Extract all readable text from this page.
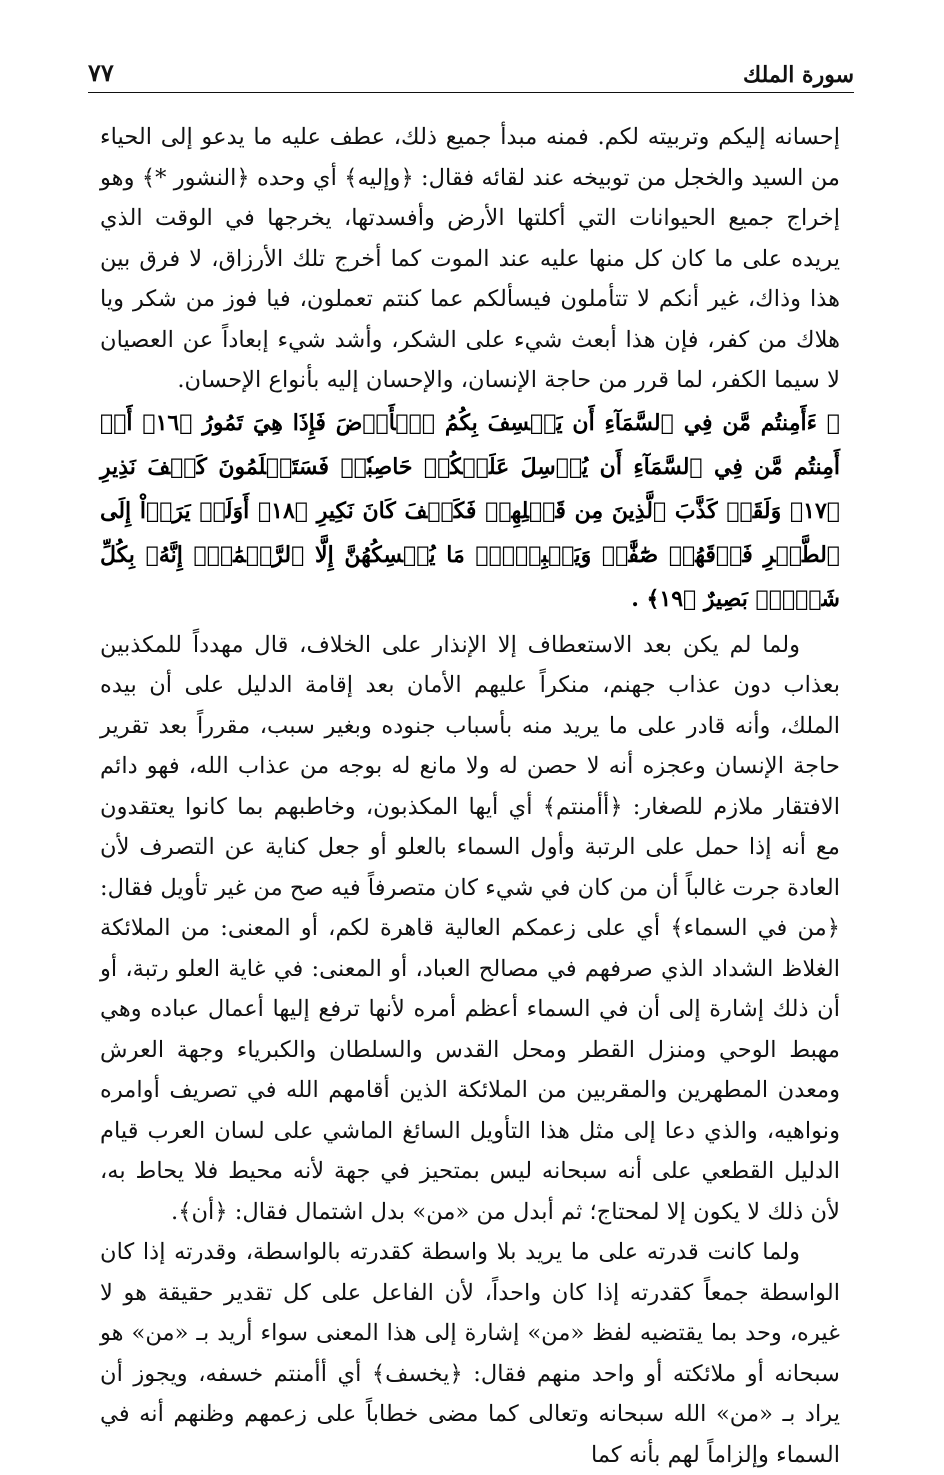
٧٧	سورة الملك

إحسانه إليكم وتربيته لكم. فمنه مبدأ جميع ذلك، عطف عليه ما يدعو إلى الحياء من السيد والخجل من توبيخه عند لقائه فقال: ﴿وإليه﴾ أي وحده ﴿النشور *﴾ وهو إخراج جميع الحيوانات التي أكلتها الأرض وأفسدتها، يخرجها في الوقت الذي يريده على ما كان كل منها عليه عند الموت كما أخرج تلك الأرزاق، لا فرق بين هذا وذاك، غير أنكم لا تتأملون فيسألكم عما كنتم تعملون، فيا فوز من شكر ويا هلاك من كفر، فإن هذا أبعث شيء على الشكر، وأشد شيء إبعاداً عن العصيان لا سيما الكفر، لما قرر من حاجة الإنسان، والإحسان إليه بأنواع الإحسان.

﴿ ءَأَمِنتُم مَّن فِي ٱلسَّمَآءِ أَن يَخۡسِفَ بِكُمُ ٱلۡأَرۡضَ فَإِذَا هِيَ تَمُورُ ﴿١٦﴾ أَمۡ أَمِنتُم مَّن فِي ٱلسَّمَآءِ أَن يُرۡسِلَ عَلَيۡكُمۡ حَاصِبٗاۖ فَسَتَعۡلَمُونَ كَيۡفَ نَذِيرِ ﴿١٧﴾ وَلَقَدۡ كَذَّبَ ٱلَّذِينَ مِن قَبۡلِهِمۡ فَكَيۡفَ كَانَ نَكِيرِ ﴿١٨﴾ أَوَلَمۡ يَرَوۡاْ إِلَى ٱلطَّيۡرِ فَوۡقَهُمۡ صَٰٓفَّٰتٖ وَيَقۡبِضۡنَۚ مَا يُمۡسِكُهُنَّ إِلَّا ٱلرَّحۡمَٰنُۚ إِنَّهُۥ بِكُلِّ شَيۡءِۭ بَصِيرٌ ﴿١٩﴾ .

ولما لم يكن بعد الاستعطاف إلا الإنذار على الخلاف، قال مهدداً للمكذبين بعذاب دون عذاب جهنم، منكراً عليهم الأمان بعد إقامة الدليل على أن بيده الملك، وأنه قادر على ما يريد منه بأسباب جنوده وبغير سبب، مقرراً بعد تقرير حاجة الإنسان وعجزه أنه لا حصن له ولا مانع له بوجه من عذاب الله، فهو دائم الافتقار ملازم للصغار: ﴿أأمنتم﴾ أي أيها المكذبون، وخاطبهم بما كانوا يعتقدون مع أنه إذا حمل على الرتبة وأول السماء بالعلو أو جعل كناية عن التصرف لأن العادة جرت غالباً أن من كان في شيء كان متصرفاً فيه صح من غير تأويل فقال: ﴿من في السماء﴾ أي على زعمكم العالية قاهرة لكم، أو المعنى: من الملائكة الغلاظ الشداد الذي صرفهم في مصالح العباد، أو المعنى: في غاية العلو رتبة، أو أن ذلك إشارة إلى أن في السماء أعظم أمره لأنها ترفع إليها أعمال عباده وهي مهبط الوحي ومنزل القطر ومحل القدس والسلطان والكبرياء وجهة العرش ومعدن المطهرين والمقربين من الملائكة الذين أقامهم الله في تصريف أوامره ونواهيه، والذي دعا إلى مثل هذا التأويل السائغ الماشي على لسان العرب قيام الدليل القطعي على أنه سبحانه ليس بمتحيز في جهة لأنه محيط فلا يحاط به، لأن ذلك لا يكون إلا لمحتاج؛ ثم أبدل من «من» بدل اشتمال فقال: ﴿أن﴾.

ولما كانت قدرته على ما يريد بلا واسطة كقدرته بالواسطة، وقدرته إذا كان الواسطة جمعاً كقدرته إذا كان واحداً، لأن الفاعل على كل تقدير حقيقة هو لا غيره، وحد بما يقتضيه لفظ «من» إشارة إلى هذا المعنى سواء أريد بـ «من» هو سبحانه أو ملائكته أو واحد منهم فقال: ﴿يخسف﴾ أي أأمنتم خسفه، ويجوز أن يراد بـ «من» الله سبحانه وتعالى كما مضى خطاباً على زعمهم وظنهم أنه في السماء وإلزاماً لهم بأنه كما
